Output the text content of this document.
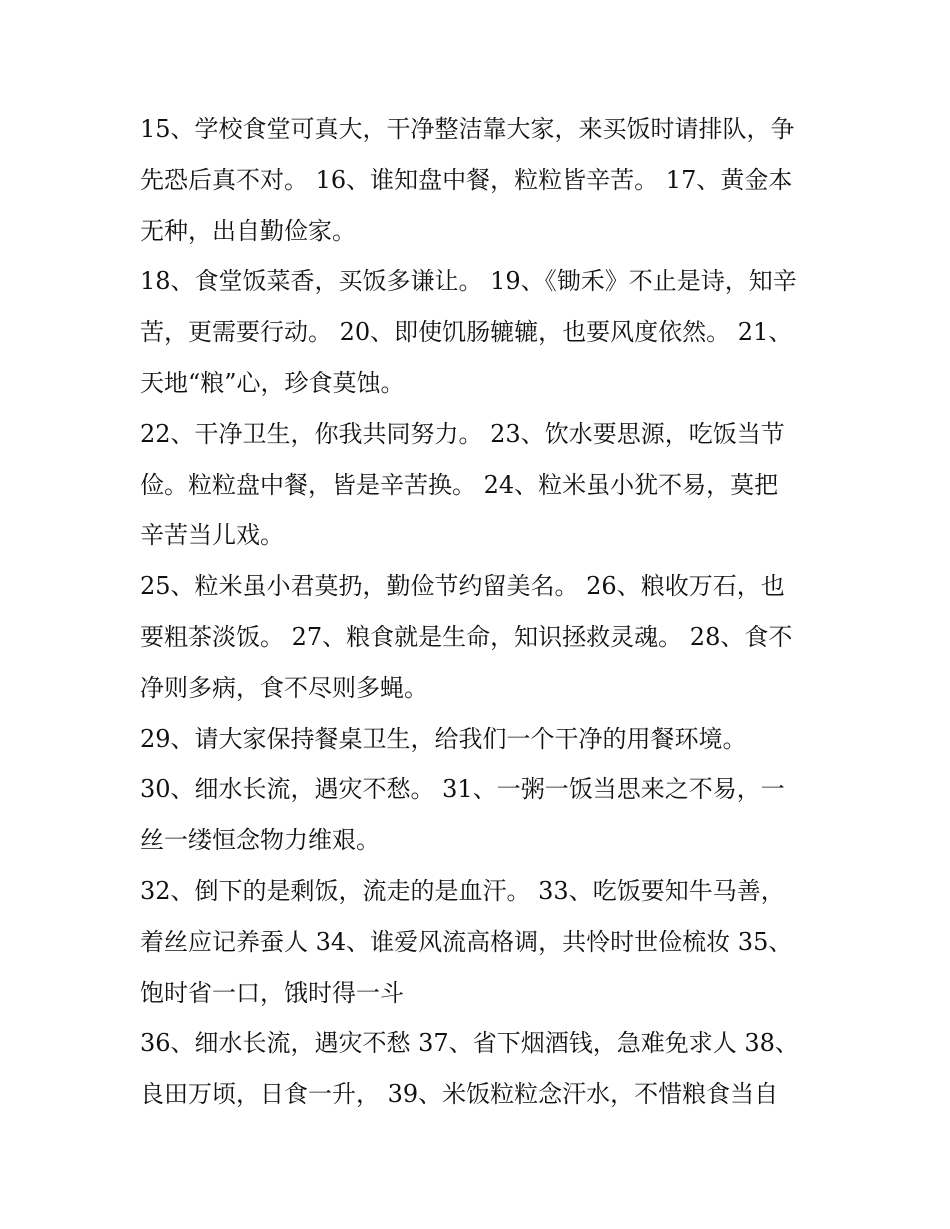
15、学校食堂可真大，干净整洁靠大家，来买饭时请排队，争
先恐后真不对。 16、谁知盘中餐，粒粒皆辛苦。 17、黄金本
无种，出自勤俭家。
18、食堂饭菜香，买饭多谦让。 19、《锄禾》不止是诗，知辛
苦，更需要行动。 20、即使饥肠辘辘，也要风度依然。 21、
天地“粮”心，珍食莫蚀。
22、干净卫生，你我共同努力。 23、饮水要思源，吃饭当节
俭。粒粒盘中餐，皆是辛苦换。 24、粒米虽小犹不易，莫把
辛苦当儿戏。
25、粒米虽小君莫扔，勤俭节约留美名。 26、粮收万石，也
要粗茶淡饭。 27、粮食就是生命，知识拯救灵魂。 28、食不
净则多病，食不尽则多蝇。
29、请大家保持餐桌卫生，给我们一个干净的用餐环境。
30、细水长流，遇灾不愁。 31、一粥一饭当思来之不易，一
丝一缕恒念物力维艰。
32、倒下的是剩饭，流走的是血汗。 33、吃饭要知牛马善，
着丝应记养蚕人 34、谁爱风流高格调，共怜时世俭梳妆 35、
饱时省一口，饿时得一斗
36、细水长流，遇灾不愁 37、省下烟酒钱，急难免求人 38、
良田万顷，日食一升， 39、米饭粒粒念汗水，不惜粮食当自
